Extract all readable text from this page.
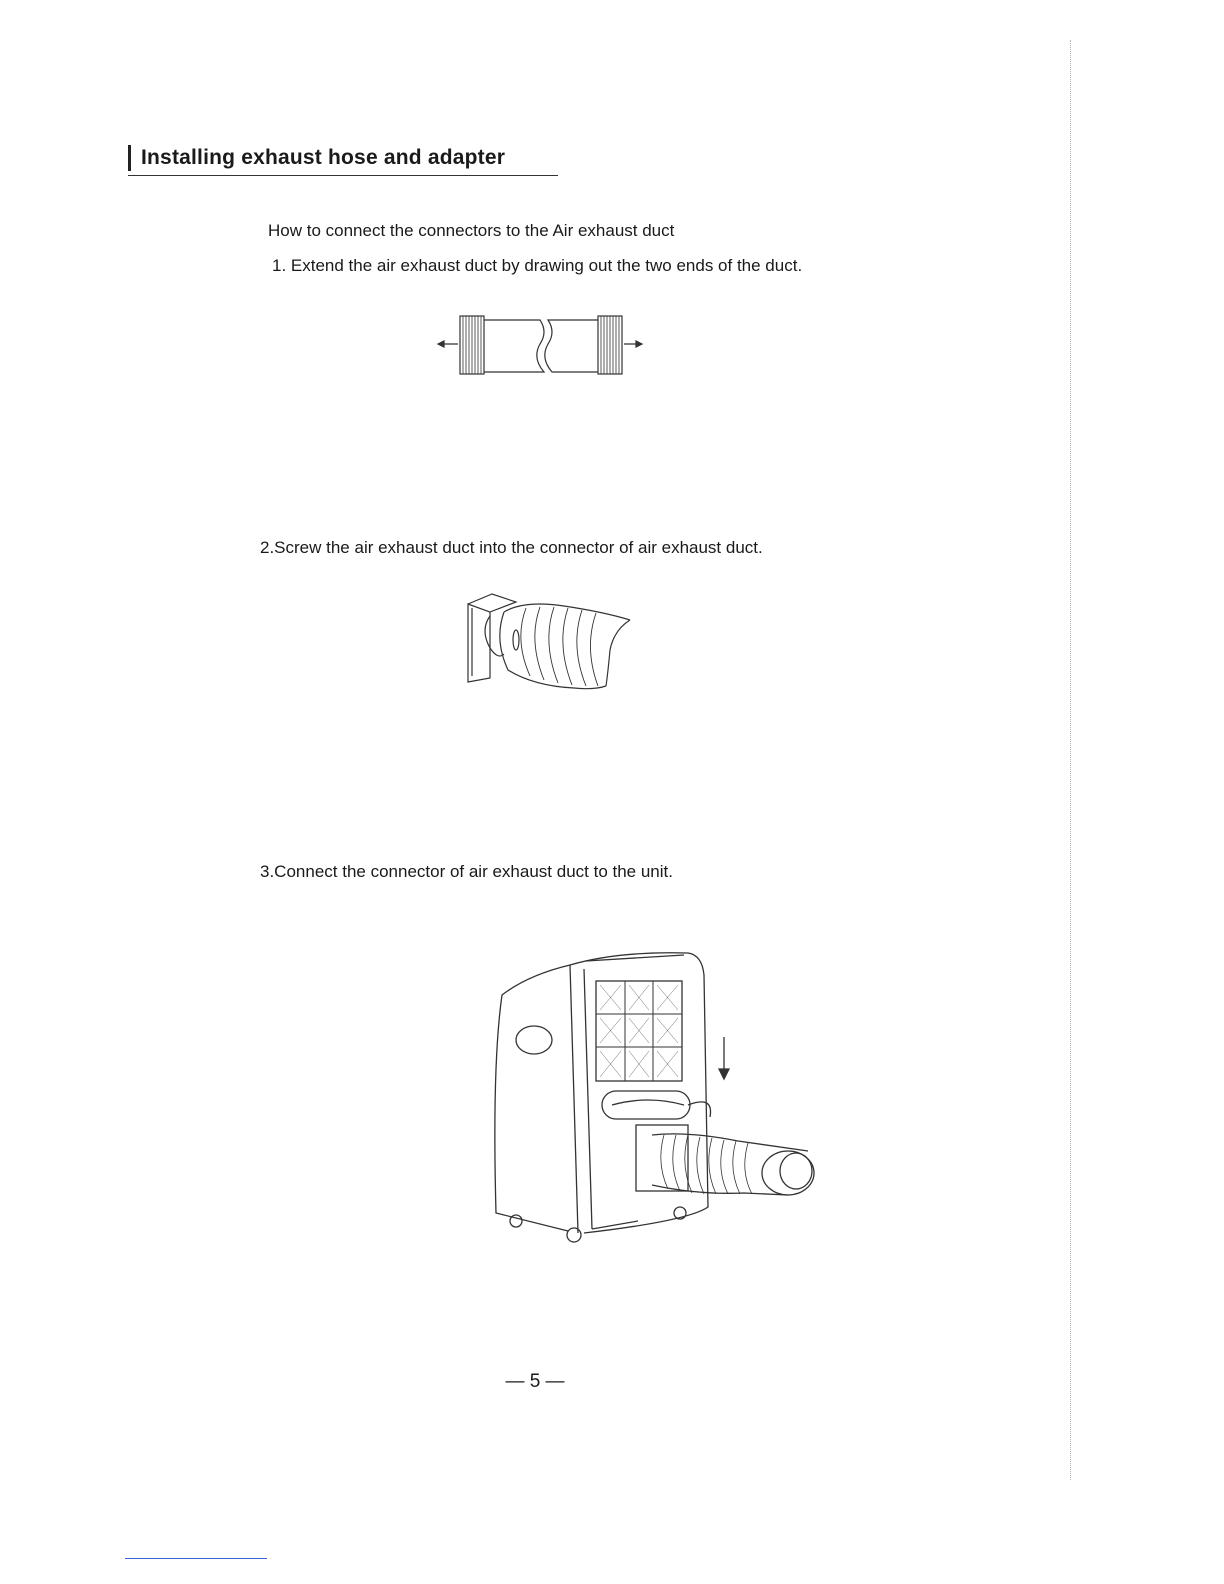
Installing exhaust hose and adapter
How to connect the connectors to the Air exhaust duct
1. Extend the air exhaust duct by drawing out the two ends of the duct.
2.Screw the air exhaust duct into the connector of air exhaust duct.
3.Connect the connector of air exhaust duct to the unit.
— 5 —
